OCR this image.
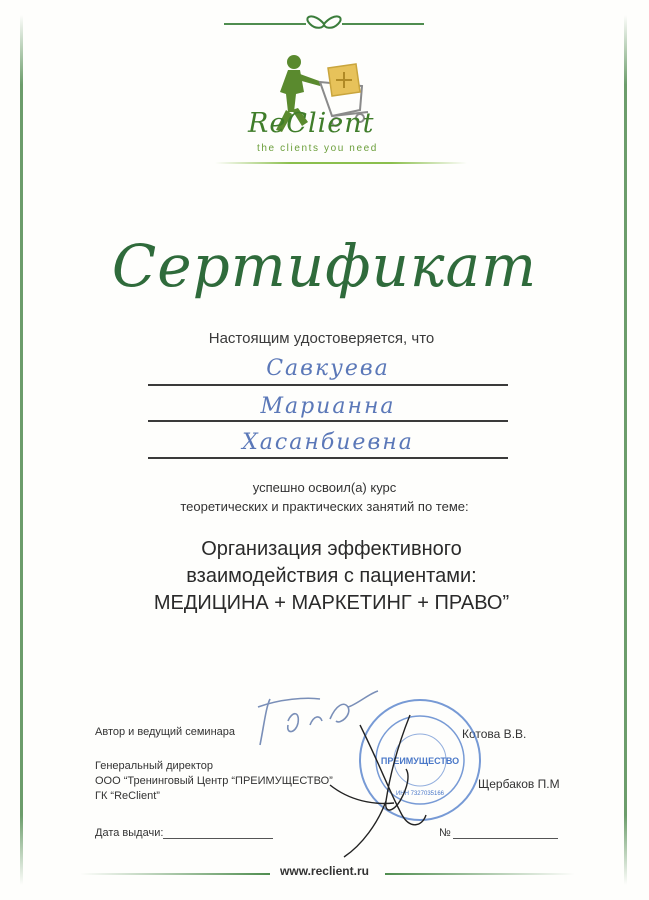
ReClient
the clients you need
Сертификат
Настоящим удостоверяется, что
Савкуева
Марианна
Хасанбиевна
успешно освоил(а) курс
теоретических и практических занятий по теме:
Организация эффективного
взаимодействия с пациентами:
МЕДИЦИНА + МАРКЕТИНГ + ПРАВО”
Автор и ведущий семинара	Котова В.В.
Генеральный директор
ООО “Тренинговый Центр “ПРЕИМУЩЕСТВО”
ГК “ReClient”
Щербаков П.М
Дата выдачи:	№
ПРЕИМУЩЕСТВО
ИНН 7327035166
www.reclient.ru
